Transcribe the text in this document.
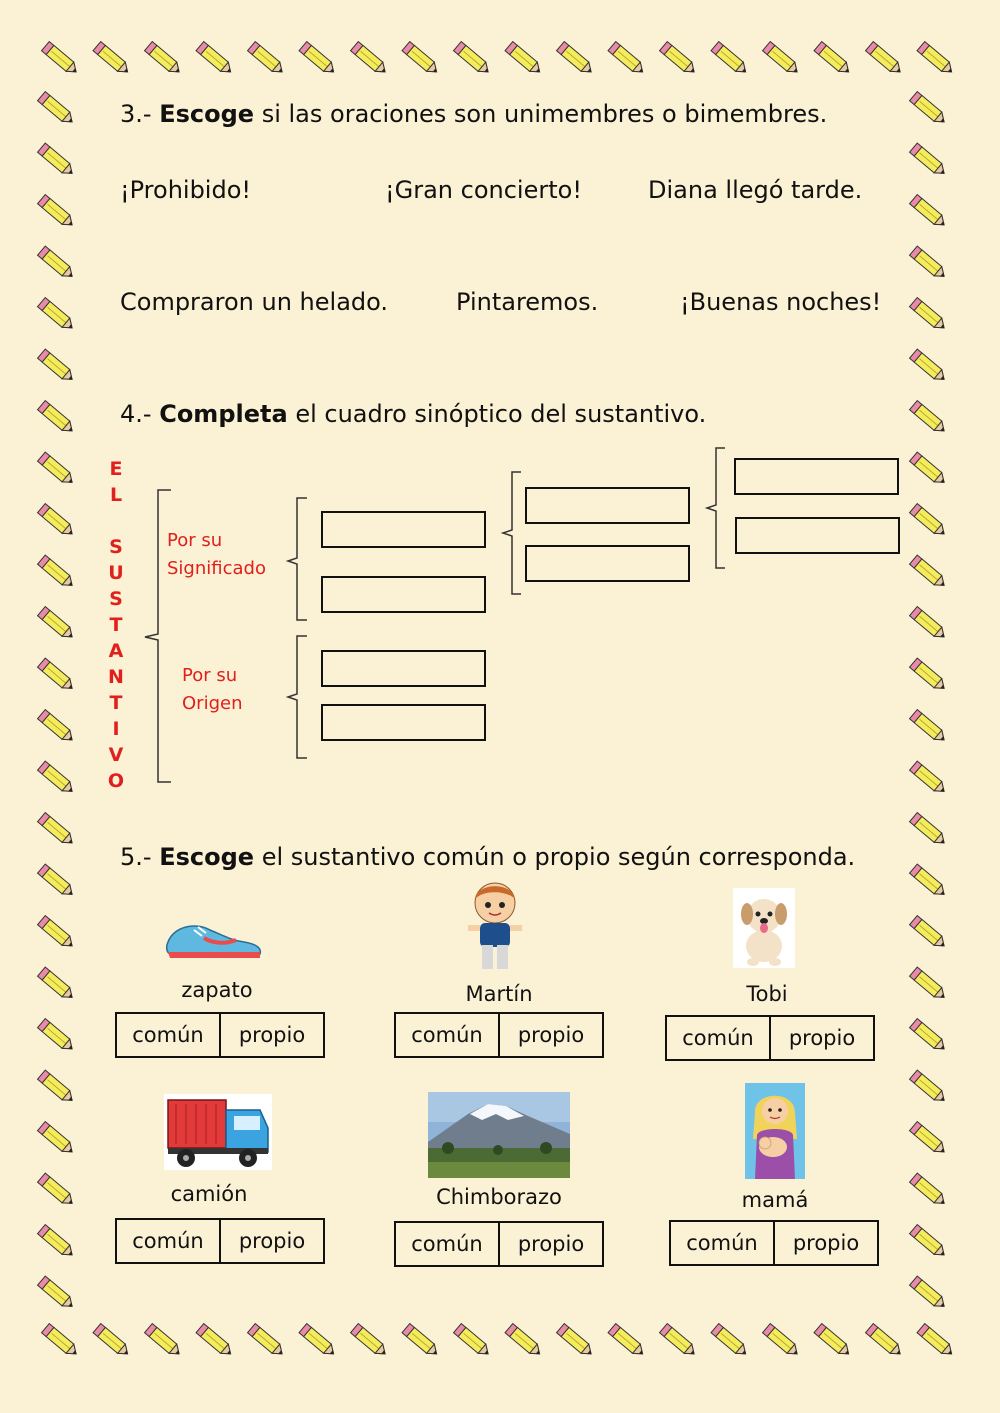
3.- Escoge si las oraciones son unimembres o bimembres.
¡Prohibido!	¡Gran concierto!	Diana llegó tarde.
Compraron un helado.	Pintaremos.	¡Buenas noches!
4.- Completa el cuadro sinóptico del sustantivo.
E
L
S
U
S
T
A
N
T
I
V
O
Por su
Significado
Por su
Origen
5.- Escoge el sustantivo común o propio según corresponda.
zapato
común	propio
Martín
común	propio
Tobi
común	propio
camión
común	propio
Chimborazo
común	propio
mamá
común	propio
